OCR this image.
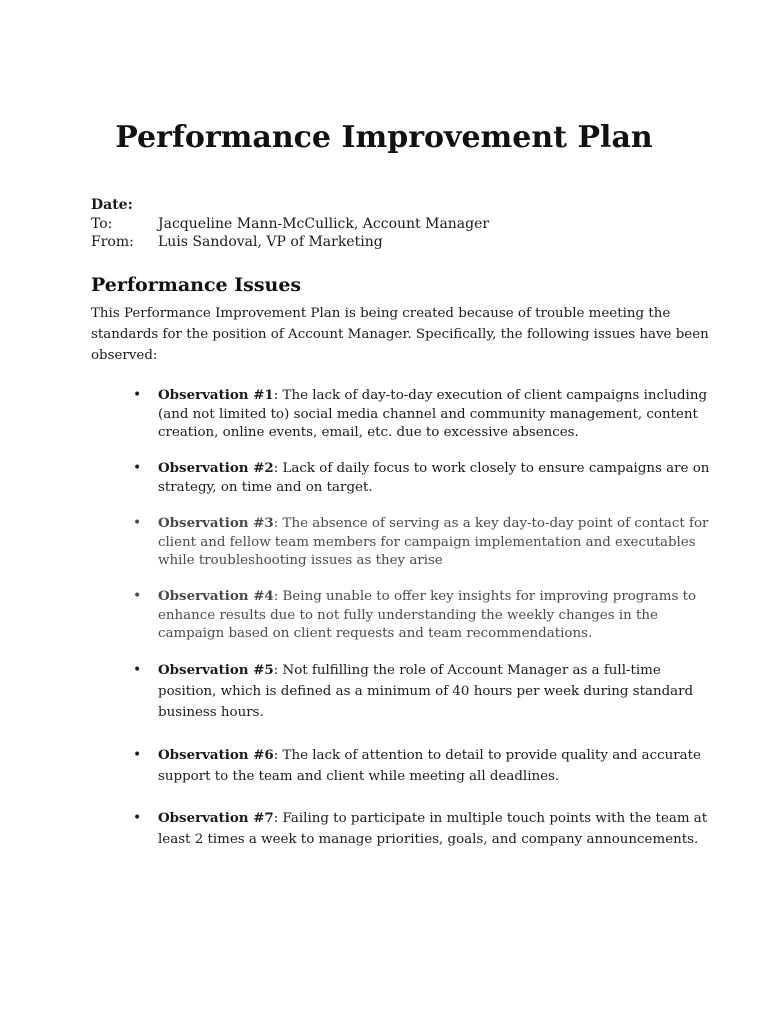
Performance Improvement Plan
Date:
To:	Jacqueline Mann-McCullick, Account Manager
From:	Luis Sandoval, VP of Marketing
Performance Issues

This Performance Improvement Plan is being created because of trouble meeting the
standards for the position of Account Manager. Specifically, the following issues have been
observed:

• Observation #1: The lack of day-to-day execution of client campaigns including
(and not limited to) social media channel and community management, content
creation, online events, email, etc. due to excessive absences.
• Observation #2: Lack of daily focus to work closely to ensure campaigns are on
strategy, on time and on target.
• Observation #3: The absence of serving as a key day-to-day point of contact for
client and fellow team members for campaign implementation and executables
while troubleshooting issues as they arise
• Observation #4: Being unable to offer key insights for improving programs to
enhance results due to not fully understanding the weekly changes in the
campaign based on client requests and team recommendations.
• Observation #5: Not fulfilling the role of Account Manager as a full-time
position, which is defined as a minimum of 40 hours per week during standard
business hours.
• Observation #6: The lack of attention to detail to provide quality and accurate
support to the team and client while meeting all deadlines.
• Observation #7: Failing to participate in multiple touch points with the team at
least 2 times a week to manage priorities, goals, and company announcements.
